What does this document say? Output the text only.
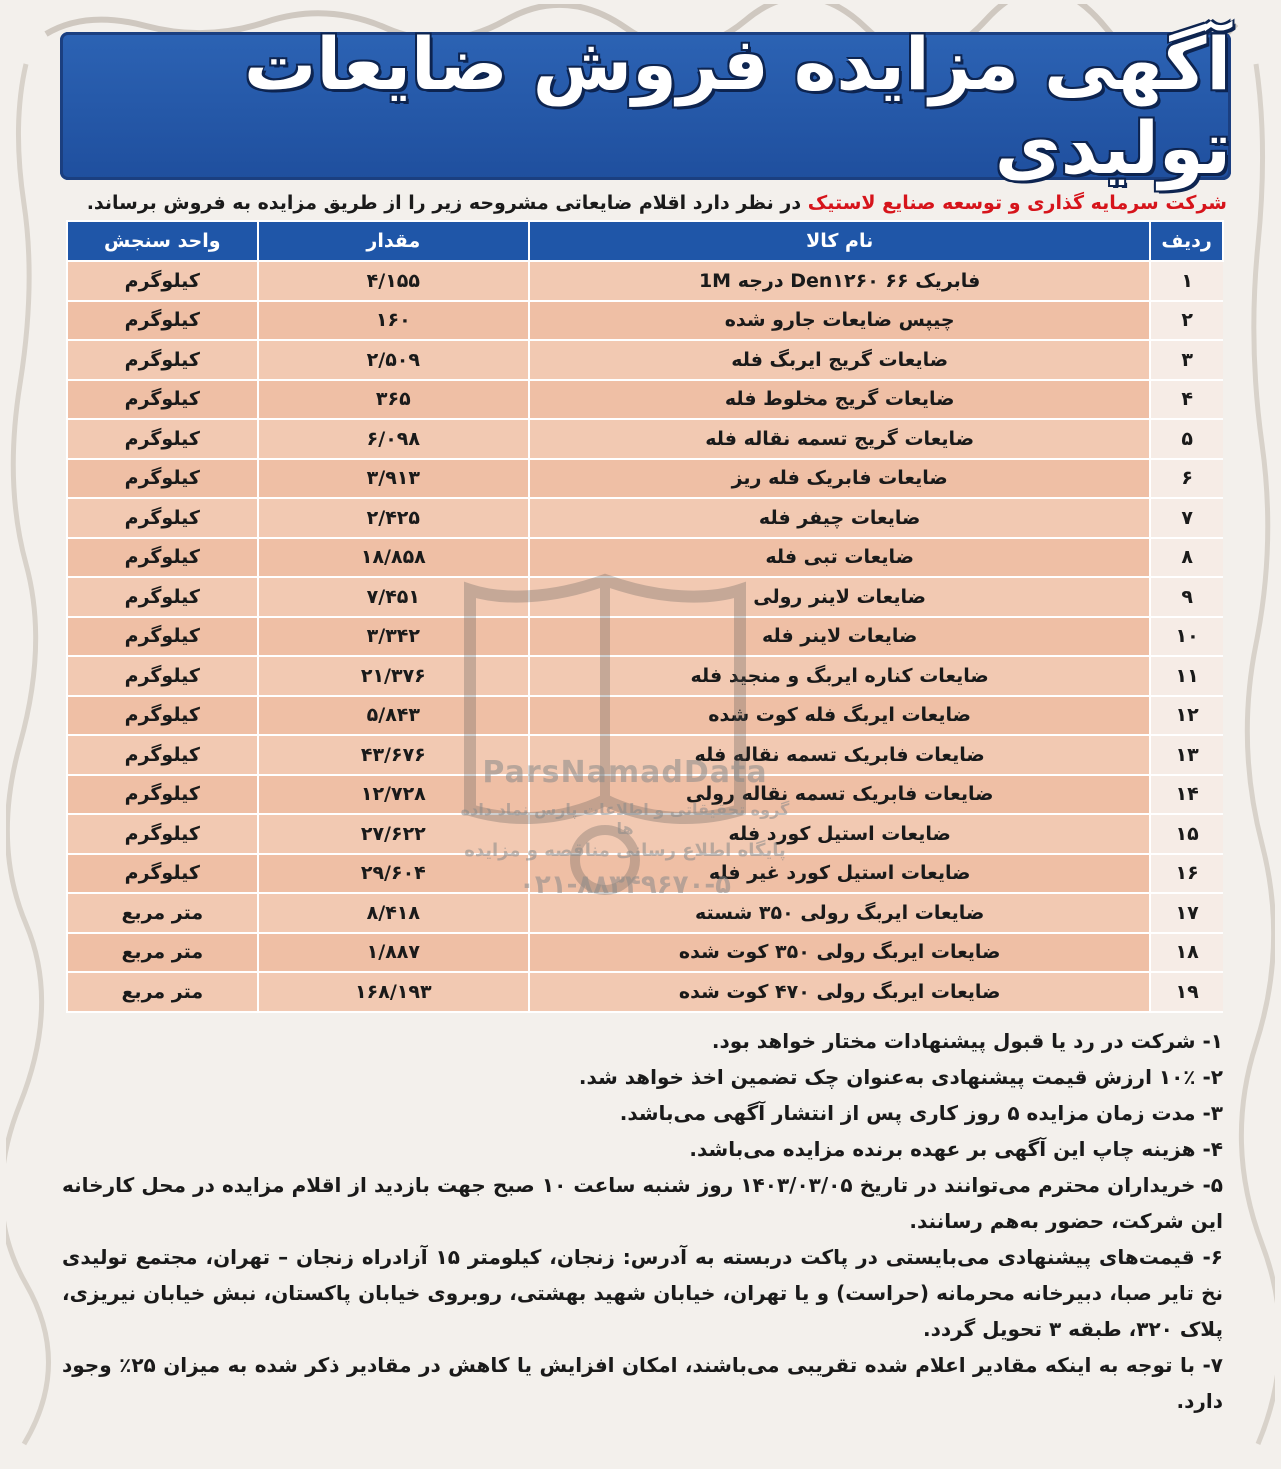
آگهی مزایده فروش ضایعات تولیدی
شرکت سرمایه گذاری و توسعه صنایع لاستیک در نظر دارد اقلام ضایعاتی مشروحه زیر را از طریق مزایده به فروش برساند.
ردیف	نام کالا	مقدار	واحد سنجش
۱	فابریک Den۱۲۶۰ ۶۶ درجه 1M	۴/۱۵۵	کیلوگرم
۲	چیپس ضایعات جارو شده	۱۶۰	کیلوگرم
۳	ضایعات گریج ایربگ فله	۲/۵۰۹	کیلوگرم
۴	ضایعات گریج مخلوط فله	۳۶۵	کیلوگرم
۵	ضایعات گریج تسمه نقاله فله	۶/۰۹۸	کیلوگرم
۶	ضایعات فابریک فله ریز	۳/۹۱۳	کیلوگرم
۷	ضایعات چیفر فله	۲/۴۲۵	کیلوگرم
۸	ضایعات تبی فله	۱۸/۸۵۸	کیلوگرم
۹	ضایعات لاینر رولی	۷/۴۵۱	کیلوگرم
۱۰	ضایعات لاینر فله	۳/۳۴۲	کیلوگرم
۱۱	ضایعات کناره ایربگ و منجید فله	۲۱/۳۷۶	کیلوگرم
۱۲	ضایعات ایربگ فله کوت شده	۵/۸۴۳	کیلوگرم
۱۳	ضایعات فابریک تسمه نقاله فله	۴۳/۶۷۶	کیلوگرم
۱۴	ضایعات فابریک تسمه نقاله رولی	۱۲/۷۲۸	کیلوگرم
۱۵	ضایعات استیل کورد فله	۲۷/۶۲۲	کیلوگرم
۱۶	ضایعات استیل کورد غیر فله	۲۹/۶۰۴	کیلوگرم
۱۷	ضایعات ایربگ رولی ۳۵۰ شسته	۸/۴۱۸	متر مربع
۱۸	ضایعات ایربگ رولی ۳۵۰ کوت شده	۱/۸۸۷	متر مربع
۱۹	ضایعات ایربگ رولی ۴۷۰ کوت شده	۱۶۸/۱۹۳	متر مربع

۱- شرکت در رد یا قبول پیشنهادات مختار خواهد بود.

۲- ۱۰٪ ارزش قیمت پیشنهادی به‌عنوان چک تضمین اخذ خواهد شد.

۳- مدت زمان مزایده ۵ روز کاری پس از انتشار آگهی می‌باشد.

۴- هزینه چاپ این آگهی بر عهده برنده مزایده می‌باشد.

۵- خریداران محترم می‌توانند در تاریخ ۱۴۰۳/۰۳/۰۵ روز شنبه ساعت ۱۰ صبح جهت بازدید از اقلام مزایده در محل کارخانه این شرکت، حضور به‌هم رسانند.

۶- قیمت‌های پیشنهادی می‌بایستی در پاکت دربسته به آدرس: زنجان، کیلومتر ۱۵ آزادراه زنجان – تهران، مجتمع تولیدی نخ تایر صبا، دبیرخانه محرمانه (حراست) و یا تهران، خیابان شهید بهشتی، روبروی خیابان پاکستان، نبش خیابان نیریزی، پلاک ۳۲۰، طبقه ۳ تحویل گردد.

۷- با توجه به اینکه مقادیر اعلام شده تقریبی می‌باشند، امکان افزایش یا کاهش در مقادیر ذکر شده به میزان ۲۵٪ وجود دارد.

ParsNamadData
گروه تحقیقاتی و اطلاعات پارس نماد داده ها
پایگاه اطلاع رسانی مناقصه و مزایده
۰۲۱-۸۸۳۴۹۶۷۰-۵
